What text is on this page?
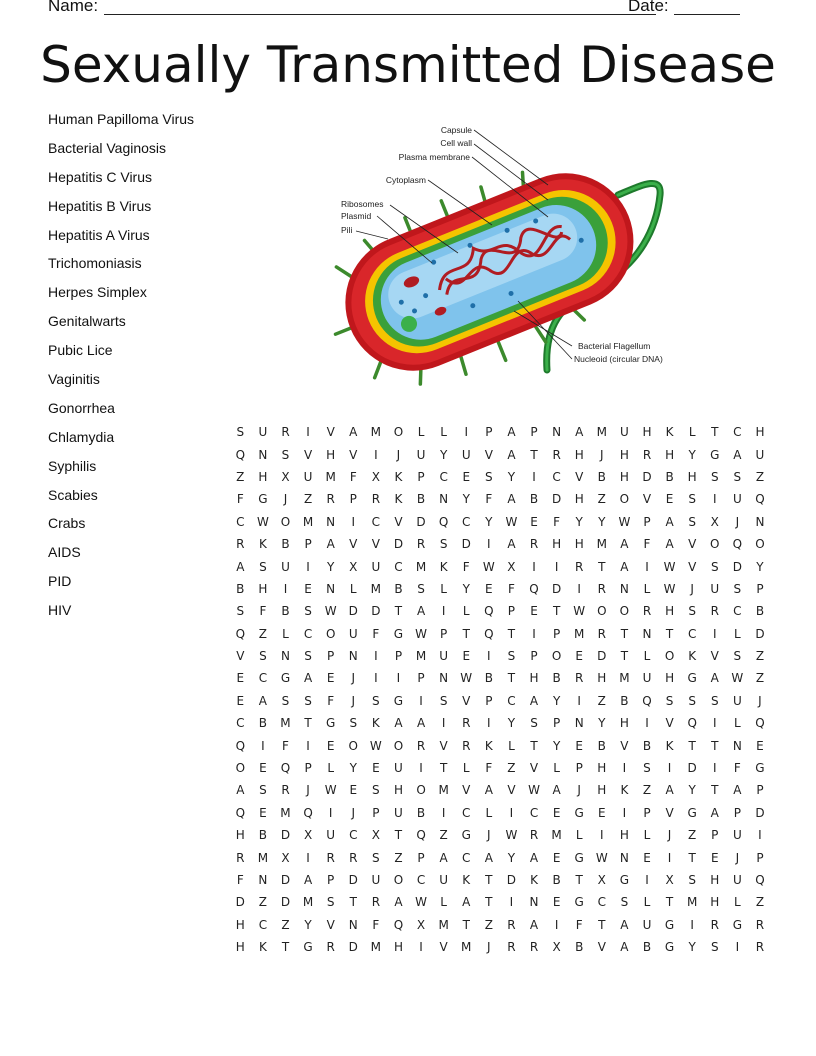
Name:	Date:
Sexually Transmitted Disease
Human Papilloma Virus
Bacterial Vaginosis
Hepatitis C Virus
Hepatitis B Virus
Hepatitis A Virus
Trichomoniasis
Herpes Simplex
Genitalwarts
Pubic Lice
Vaginitis
Gonorrhea
Chlamydia
Syphilis
Scabies
Crabs
AIDS
PID
HIV
Capsule
Cell wall
Plasma membrane
Cytoplasm
Ribosomes
Plasmid
Pili
Bacterial Flagellum
Nucleoid (circular DNA)
S	U	R	I	V	A	M	O	L	L	I	P	A	P	N	A	M	U	H	K	L	T	C	H
Q	N	S	V	H	V	I	J	U	Y	U	V	A	T	R	H	J	H	R	H	Y	G	A	U
Z	H	X	U	M	F	X	K	P	C	E	S	Y	I	C	V	B	H	D	B	H	S	S	Z
F	G	J	Z	R	P	R	K	B	N	Y	F	A	B	D	H	Z	O	V	E	S	I	U	Q
C	W	O	M	N	I	C	V	D	Q	C	Y	W	E	F	Y	Y	W	P	A	S	X	J	N
R	K	B	P	A	V	V	D	R	S	D	I	A	R	H	H	M	A	F	A	V	O	Q	O
A	S	U	I	Y	X	U	C	M	K	F	W	X	I	I	R	T	A	I	W	V	S	D	Y
B	H	I	E	N	L	M	B	S	L	Y	E	F	Q	D	I	R	N	L	W	J	U	S	P
S	F	B	S	W	D	D	T	A	I	L	Q	P	E	T	W	O	O	R	H	S	R	C	B
Q	Z	L	C	O	U	F	G	W	P	T	Q	T	I	P	M	R	T	N	T	C	I	L	D
V	S	N	S	P	N	I	P	M	U	E	I	S	P	O	E	D	T	L	O	K	V	S	Z
E	C	G	A	E	J	I	I	P	N	W	B	T	H	B	R	H	M	U	H	G	A	W	Z
E	A	S	S	F	J	S	G	I	S	V	P	C	A	Y	I	Z	B	Q	S	S	S	U	J
C	B	M	T	G	S	K	A	A	I	R	I	Y	S	P	N	Y	H	I	V	Q	I	L	Q
Q	I	F	I	E	O	W	O	R	V	R	K	L	T	Y	E	B	V	B	K	T	T	N	E
O	E	Q	P	L	Y	E	U	I	T	L	F	Z	V	L	P	H	I	S	I	D	I	F	G
A	S	R	J	W	E	S	H	O	M	V	A	V	W	A	J	H	K	Z	A	Y	T	A	P
Q	E	M	Q	I	J	P	U	B	I	C	L	I	C	E	G	E	I	P	V	G	A	P	D
H	B	D	X	U	C	X	T	Q	Z	G	J	W	R	M	L	I	H	L	J	Z	P	U	I
R	M	X	I	R	R	S	Z	P	A	C	A	Y	A	E	G	W	N	E	I	T	E	J	P
F	N	D	A	P	D	U	O	C	U	K	T	D	K	B	T	X	G	I	X	S	H	U	Q
D	Z	D	M	S	T	R	A	W	L	A	T	I	N	E	G	C	S	L	T	M	H	L	Z
H	C	Z	Y	V	N	F	Q	X	M	T	Z	R	A	I	F	T	A	U	G	I	R	G	R
H	K	T	G	R	D	M	H	I	V	M	J	R	R	X	B	V	A	B	G	Y	S	I	R
